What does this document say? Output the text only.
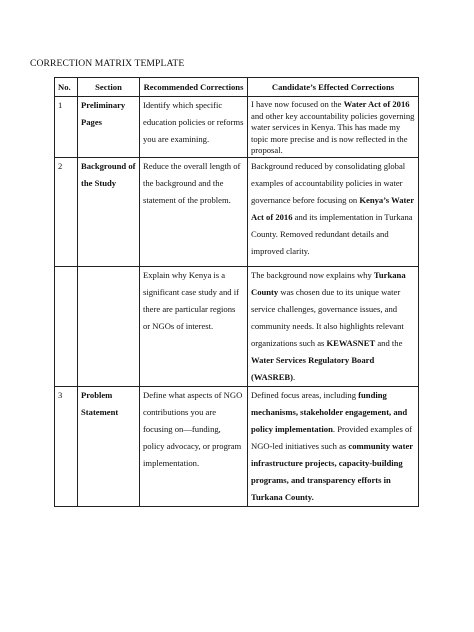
CORRECTION MATRIX TEMPLATE
No.	Section	Recommended Corrections	Candidate’s Effected Corrections
1	Preliminary Pages	Identify which specific education policies or reforms you are examining.	I have now focused on the Water Act of 2016 and other key accountability policies governing water services in Kenya. This has made my topic more precise and is now reflected in the proposal.

2	Background of the Study	Reduce the overall length of the background and the statement of the problem.	Background reduced by consolidating global examples of accountability policies in water governance before focusing on Kenya’s Water Act of 2016 and its implementation in Turkana County. Removed redundant details and improved clarity.

		Explain why Kenya is a significant case study and if there are particular regions or NGOs of interest.	The background now explains why Turkana County was chosen due to its unique water service challenges, governance issues, and community needs. It also highlights relevant organizations such as KEWASNET and the Water Services Regulatory Board (WASREB).
3	Problem Statement	Define what aspects of NGO contributions you are focusing on—funding, policy advocacy, or program implementation.	Defined focus areas, including funding mechanisms, stakeholder engagement, and policy implementation. Provided examples of NGO-led initiatives such as community water infrastructure projects, capacity-building programs, and transparency efforts in Turkana County.
